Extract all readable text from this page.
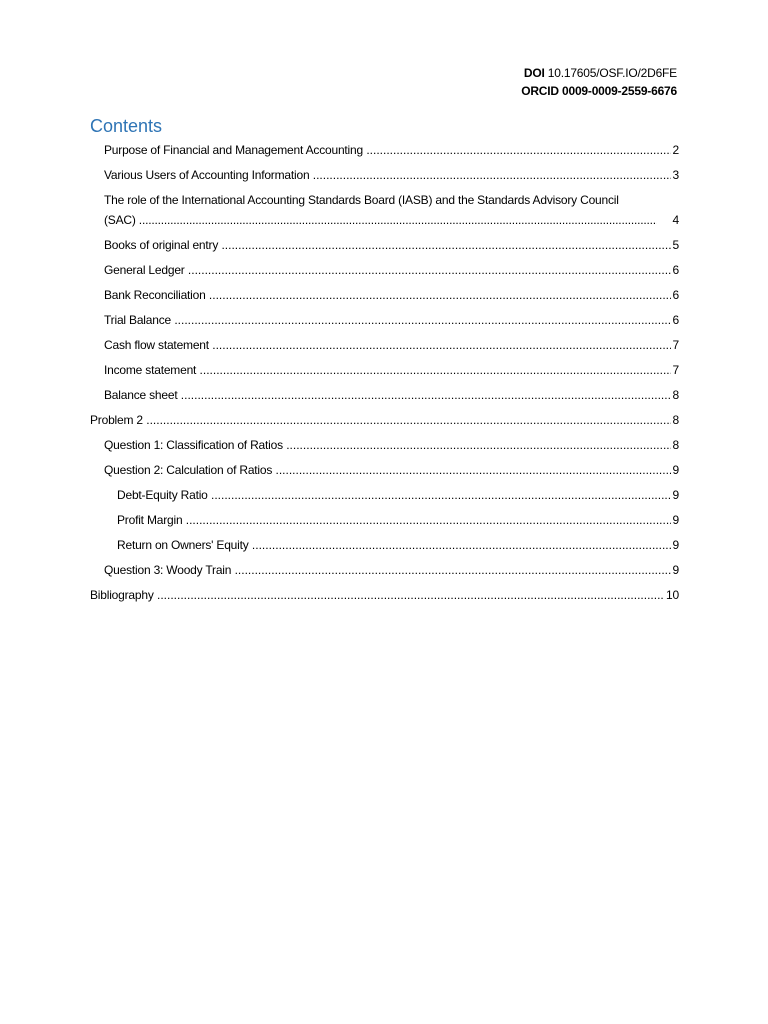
DOI 10.17605/OSF.IO/2D6FE
ORCID 0009-0009-2559-6676
Contents
Purpose of Financial and Management Accounting .....	2
Various Users of Accounting Information .....	3
The role of the International Accounting Standards Board (IASB) and the Standards Advisory Council
(SAC) .....	4
Books of original entry .....	5
General Ledger .....	6
Bank Reconciliation .....	6
Trial Balance .....	6
Cash flow statement .....	7
Income statement .....	7
Balance sheet .....	8
Problem 2 .....	8
Question 1: Classification of Ratios .....	8
Question 2: Calculation of Ratios .....	9
Debt-Equity Ratio .....	9
Profit Margin .....	9
Return on Owners' Equity .....	9
Question 3: Woody Train .....	9
Bibliography .....	10
